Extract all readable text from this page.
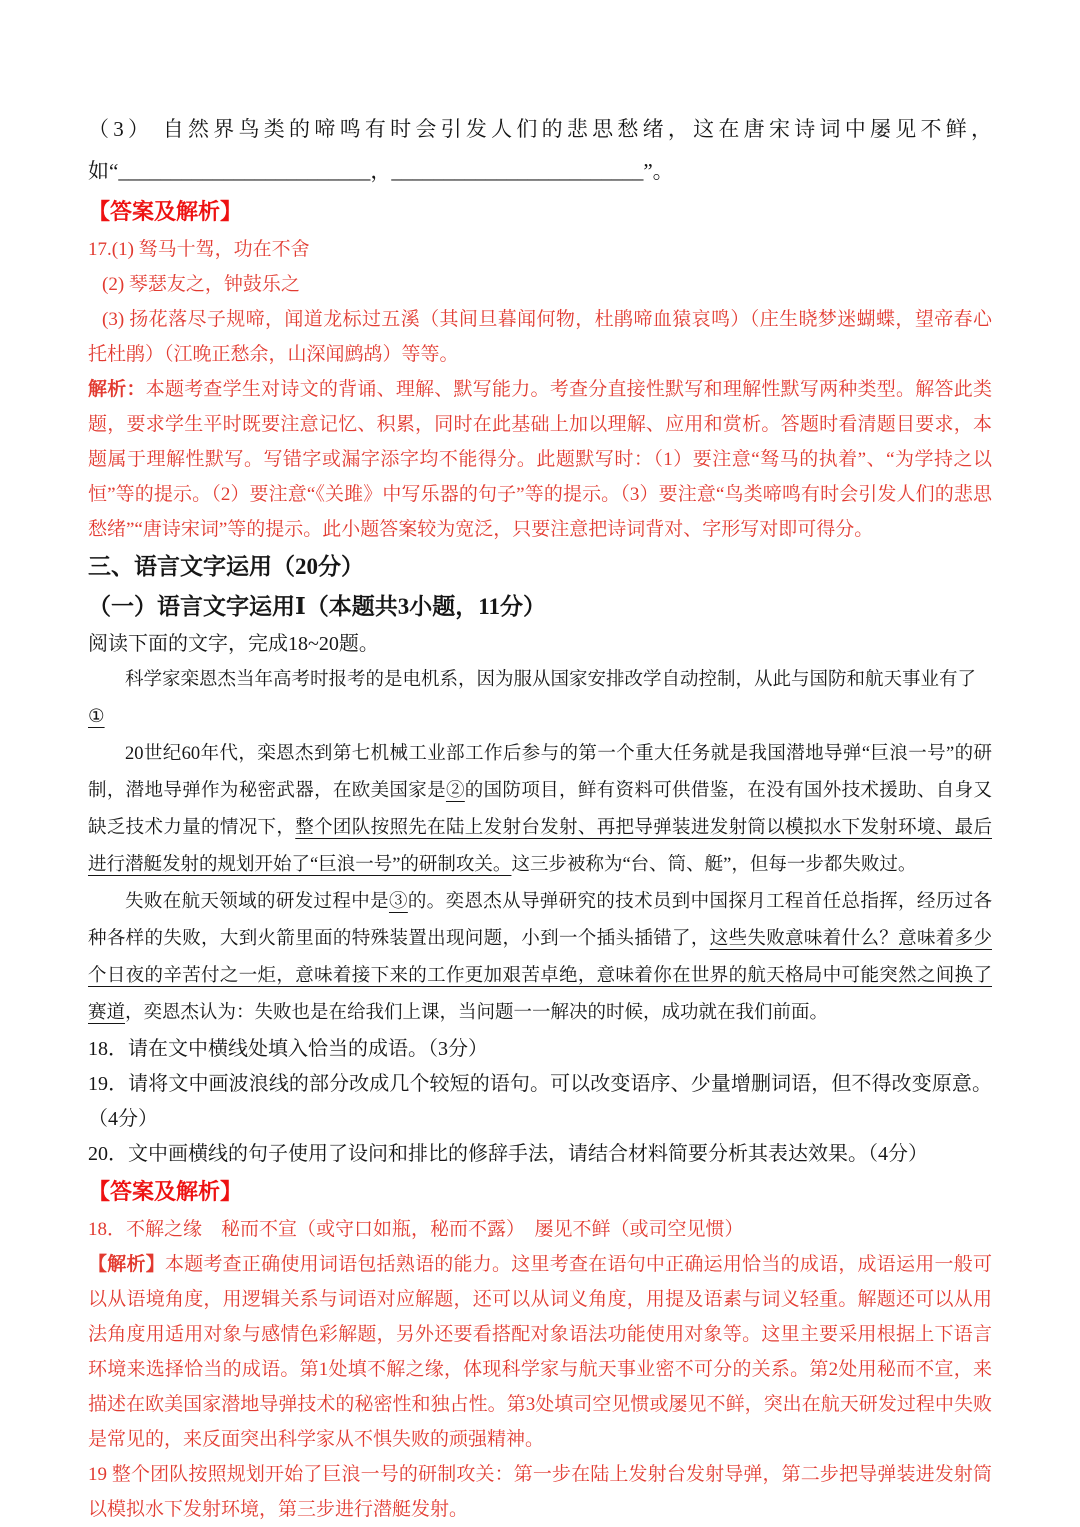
（3） 自然界鸟类的啼鸣有时会引发人们的悲思愁绪，这在唐宋诗词中屡见不鲜，如“________________________，________________________”。

【答案及解析】

17.(1) 驽马十驾，功在不舍

(2) 琴瑟友之，钟鼓乐之

(3) 扬花落尽子规啼，闻道龙标过五溪（其间旦暮闻何物，杜鹃啼血猿哀鸣）（庄生晓梦迷蝴蝶，望帝春心托杜鹃）（江晚正愁余，山深闻鹧鸪）等等。

解析：本题考查学生对诗文的背诵、理解、默写能力。考查分直接性默写和理解性默写两种类型。解答此类题，要求学生平时既要注意记忆、积累，同时在此基础上加以理解、应用和赏析。答题时看清题目要求，本题属于理解性默写。写错字或漏字添字均不能得分。此题默写时：（1）要注意“驽马的执着”、“为学持之以恒”等的提示。（2）要注意“《关雎》中写乐器的句子”等的提示。（3）要注意“鸟类啼鸣有时会引发人们的悲思愁绪”“唐诗宋词”等的提示。此小题答案较为宽泛，只要注意把诗词背对、字形写对即可得分。

三、语言文字运用（20分）

（一）语言文字运用Ⅰ（本题共3小题，11分）

阅读下面的文字，完成18~20题。

科学家栾恩杰当年高考时报考的是电机系，因为服从国家安排改学自动控制，从此与国防和航天事业有了
①

20世纪60年代，栾恩杰到第七机械工业部工作后参与的第一个重大任务就是我国潜地导弹“巨浪一号”的研制，潜地导弹作为秘密武器，在欧美国家是②的国防项目，鲜有资料可供借鉴，在没有国外技术援助、自身又缺乏技术力量的情况下，整个团队按照先在陆上发射台发射、再把导弹装进发射筒以模拟水下发射环境、最后进行潜艇发射的规划开始了“巨浪一号”的研制攻关。这三步被称为“台、筒、艇”，但每一步都失败过。

失败在航天领域的研发过程中是③的。奕恩杰从导弹研究的技术员到中国探月工程首任总指挥，经历过各种各样的失败，大到火箭里面的特殊装置出现问题，小到一个插头插错了，这些失败意味着什么？意味着多少个日夜的辛苦付之一炬，意味着接下来的工作更加艰苦卓绝，意味着你在世界的航天格局中可能突然之间换了赛道，奕恩杰认为：失败也是在给我们上课，当问题一一解决的时候，成功就在我们前面。

18．请在文中横线处填入恰当的成语。（3分）

19．请将文中画波浪线的部分改成几个较短的语句。可以改变语序、少量增删词语，但不得改变原意。（4分）

20．文中画横线的句子使用了设问和排比的修辞手法，请结合材料简要分析其表达效果。（4分）

【答案及解析】

18．不解之缘　秘而不宣（或守口如瓶，秘而不露）　屡见不鲜（或司空见惯）

【解析】本题考查正确使用词语包括熟语的能力。这里考查在语句中正确运用恰当的成语，成语运用一般可以从语境角度，用逻辑关系与词语对应解题，还可以从词义角度，用提及语素与词义轻重。解题还可以从用法角度用适用对象与感情色彩解题，另外还要看搭配对象语法功能使用对象等。这里主要采用根据上下语言环境来选择恰当的成语。第1处填不解之缘，体现科学家与航天事业密不可分的关系。第2处用秘而不宣，来描述在欧美国家潜地导弹技术的秘密性和独占性。第3处填司空见惯或屡见不鲜，突出在航天研发过程中失败是常见的，来反面突出科学家从不惧失败的顽强精神。

19 整个团队按照规划开始了巨浪一号的研制攻关：第一步在陆上发射台发射导弹，第二步把导弹装进发射筒以模拟水下发射环境，第三步进行潜艇发射。
